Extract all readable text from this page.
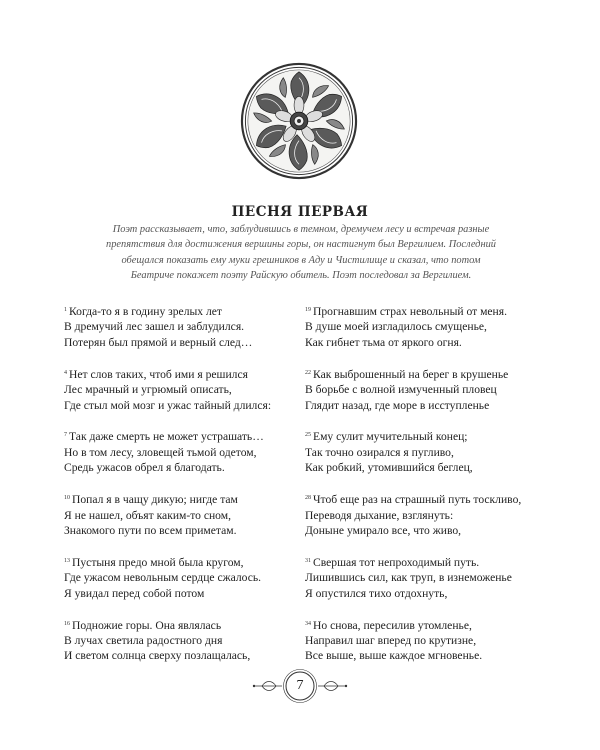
ПЕСНЯ ПЕРВАЯ
Поэт рассказывает, что, заблудившись в темном, дремучем лесу и встречая разные
препятствия для достижения вершины горы, он настигнут был Вергилием. Последний
обещался показать ему муки грешников в Аду и Чистилище и сказал, что потом
Беатриче покажет поэту Райскую обитель. Поэт последовал за Вергилием.
$^1$ Когда-то я в годину зрелых лет
В дремучий лес зашел и заблудился.
Потерян был прямой и верный след…
$^4$ Нет слов таких, чтоб ими я решился
Лес мрачный и угрюмый описать,
Где стыл мой мозг и ужас тайный длился:
$^7$ Так даже смерть не может устрашать…
Но в том лесу, зловещей тьмой одетом,
Средь ужасов обрел я благодать.
$^{10}$ Попал я в чащу дикую; нигде там
Я не нашел, объят каким-то сном,
Знакомого пути по всем приметам.
$^{13}$ Пустыня предо мной была кругом,
Где ужасом невольным сердце сжалось.
Я увидал перед собой потом
$^{16}$ Подножие горы. Она являлась
В лучах светила радостного дня
И светом солнца сверху позлащалась,
$^{19}$ Прогнавшим страх невольный от меня.
В душе моей изгладилось смущенье,
Как гибнет тьма от яркого огня.
$^{22}$ Как выброшенный на берег в крушенье
В борьбе с волной измученный пловец
Глядит назад, где море в исступленье
$^{25}$ Ему сулит мучительный конец;
Так точно озирался я пугливо,
Как робкий, утомившийся беглец,
$^{28}$ Чтоб еще раз на страшный путь тоскливо,
Переводя дыхание, взглянуть:
Доныне умирало все, что живо,
$^{31}$ Свершая тот непроходимый путь.
Лишившись сил, как труп, в изнеможенье
Я опустился тихо отдохнуть,
$^{34}$ Но снова, пересилив утомленье,
Направил шаг вперед по крутизне,
Все выше, выше каждое мгновенье.
7
